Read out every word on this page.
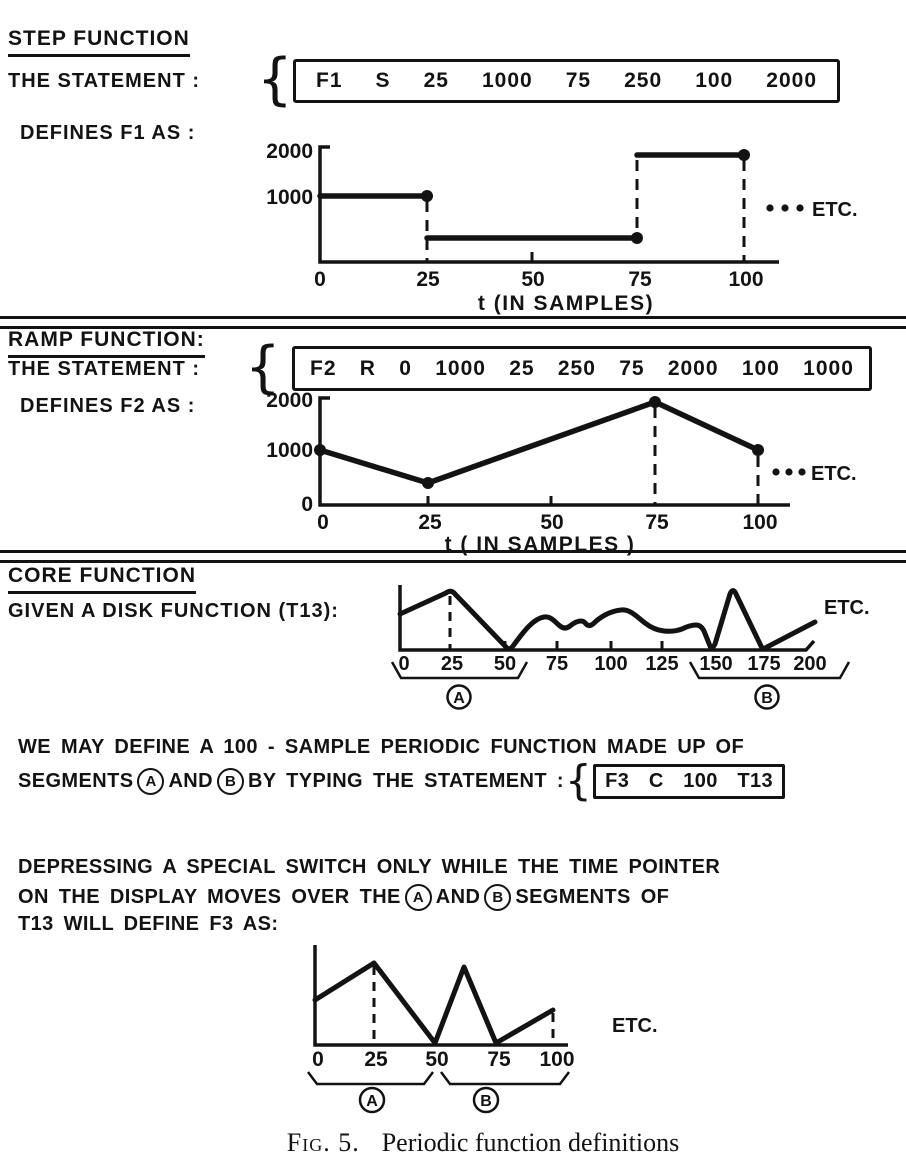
STEP FUNCTION
THE STATEMENT : { F1 S 25 1000 75 250 100 2000
DEFINES F1 AS :
ETC.
2000
1000
0	25	50	75	100
t (IN SAMPLES)
RAMP FUNCTION:
THE STATEMENT : { F2 R 0 1000 25 250 75 2000 100 1000
DEFINES F2 AS :
ETC.
2000
1000
0
0	25	50	75	100
t ( IN SAMPLES )
CORE FUNCTION
GIVEN A DISK FUNCTION (T13):	ETC.
0 25 50 75 100 125 150 175 200
A	B
WE MAY DEFINE A 100 - SAMPLE PERIODIC FUNCTION MADE UP OF
SEGMENTS A AND B BY TYPING THE STATEMENT : { F3 C 100 T13
DEPRESSING A SPECIAL SWITCH ONLY WHILE THE TIME POINTER
ON THE DISPLAY MOVES OVER THE A AND B SEGMENTS OF
T13 WILL DEFINE F3 AS:
ETC.
0 25 50 75 100
A	B
Fig. 5. Periodic function definitions
